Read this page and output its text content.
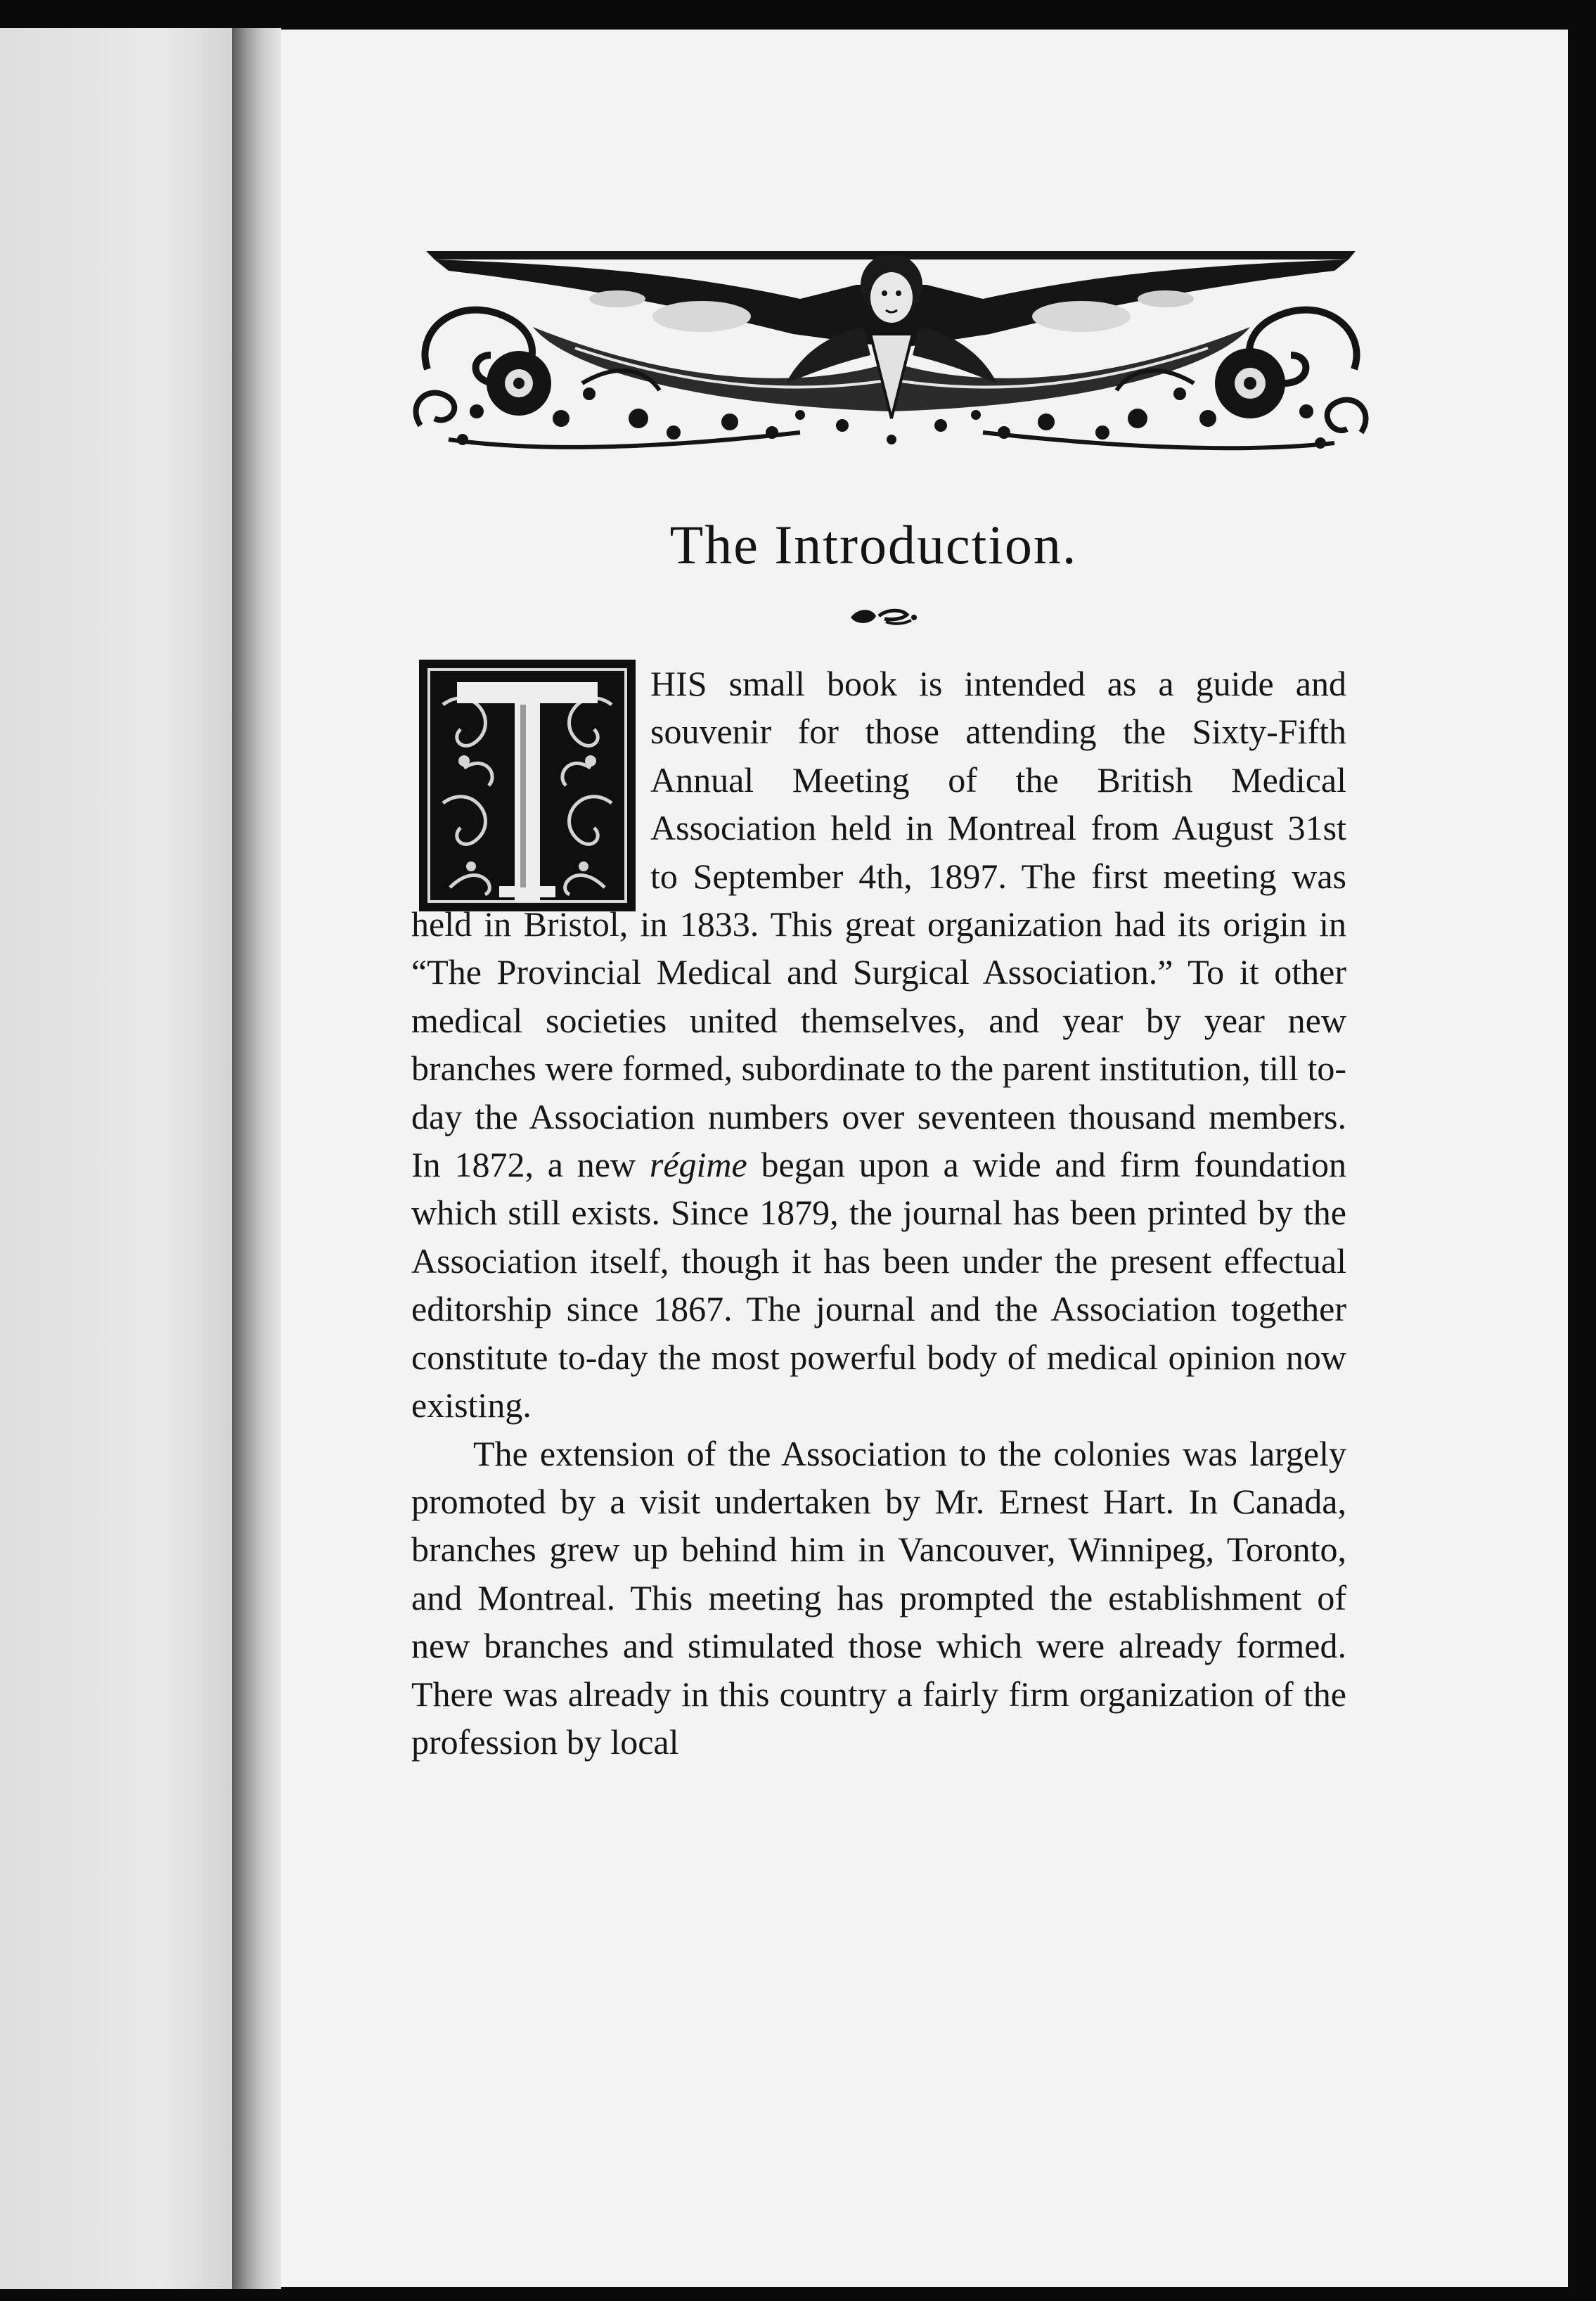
The Introduction.

HIS small book is intended as a guide and souvenir for those attending the Sixty-Fifth Annual Meeting of the British Medical Association held in Montreal from August 31st to September 4th, 1897. The first meeting was held in Bristol, in 1833. This great organization had its origin in “The Provincial Medical and Surgical Association.” To it other medical societies united themselves, and year by year new branches were formed, subordinate to the parent institution, till to-day the Association numbers over seventeen thousand members. In 1872, a new régime began upon a wide and firm foundation which still exists. Since 1879, the journal has been printed by the Association itself, though it has been under the present effectual editorship since 1867. The journal and the Association together constitute to-day the most powerful body of medical opinion now existing.

The extension of the Association to the colonies was largely promoted by a visit undertaken by Mr. Ernest Hart. In Canada, branches grew up behind him in Vancouver, Winnipeg, Toronto, and Montreal. This meeting has prompted the establishment of new branches and stimulated those which were already formed. There was already in this country a fairly firm organization of the profession by local
